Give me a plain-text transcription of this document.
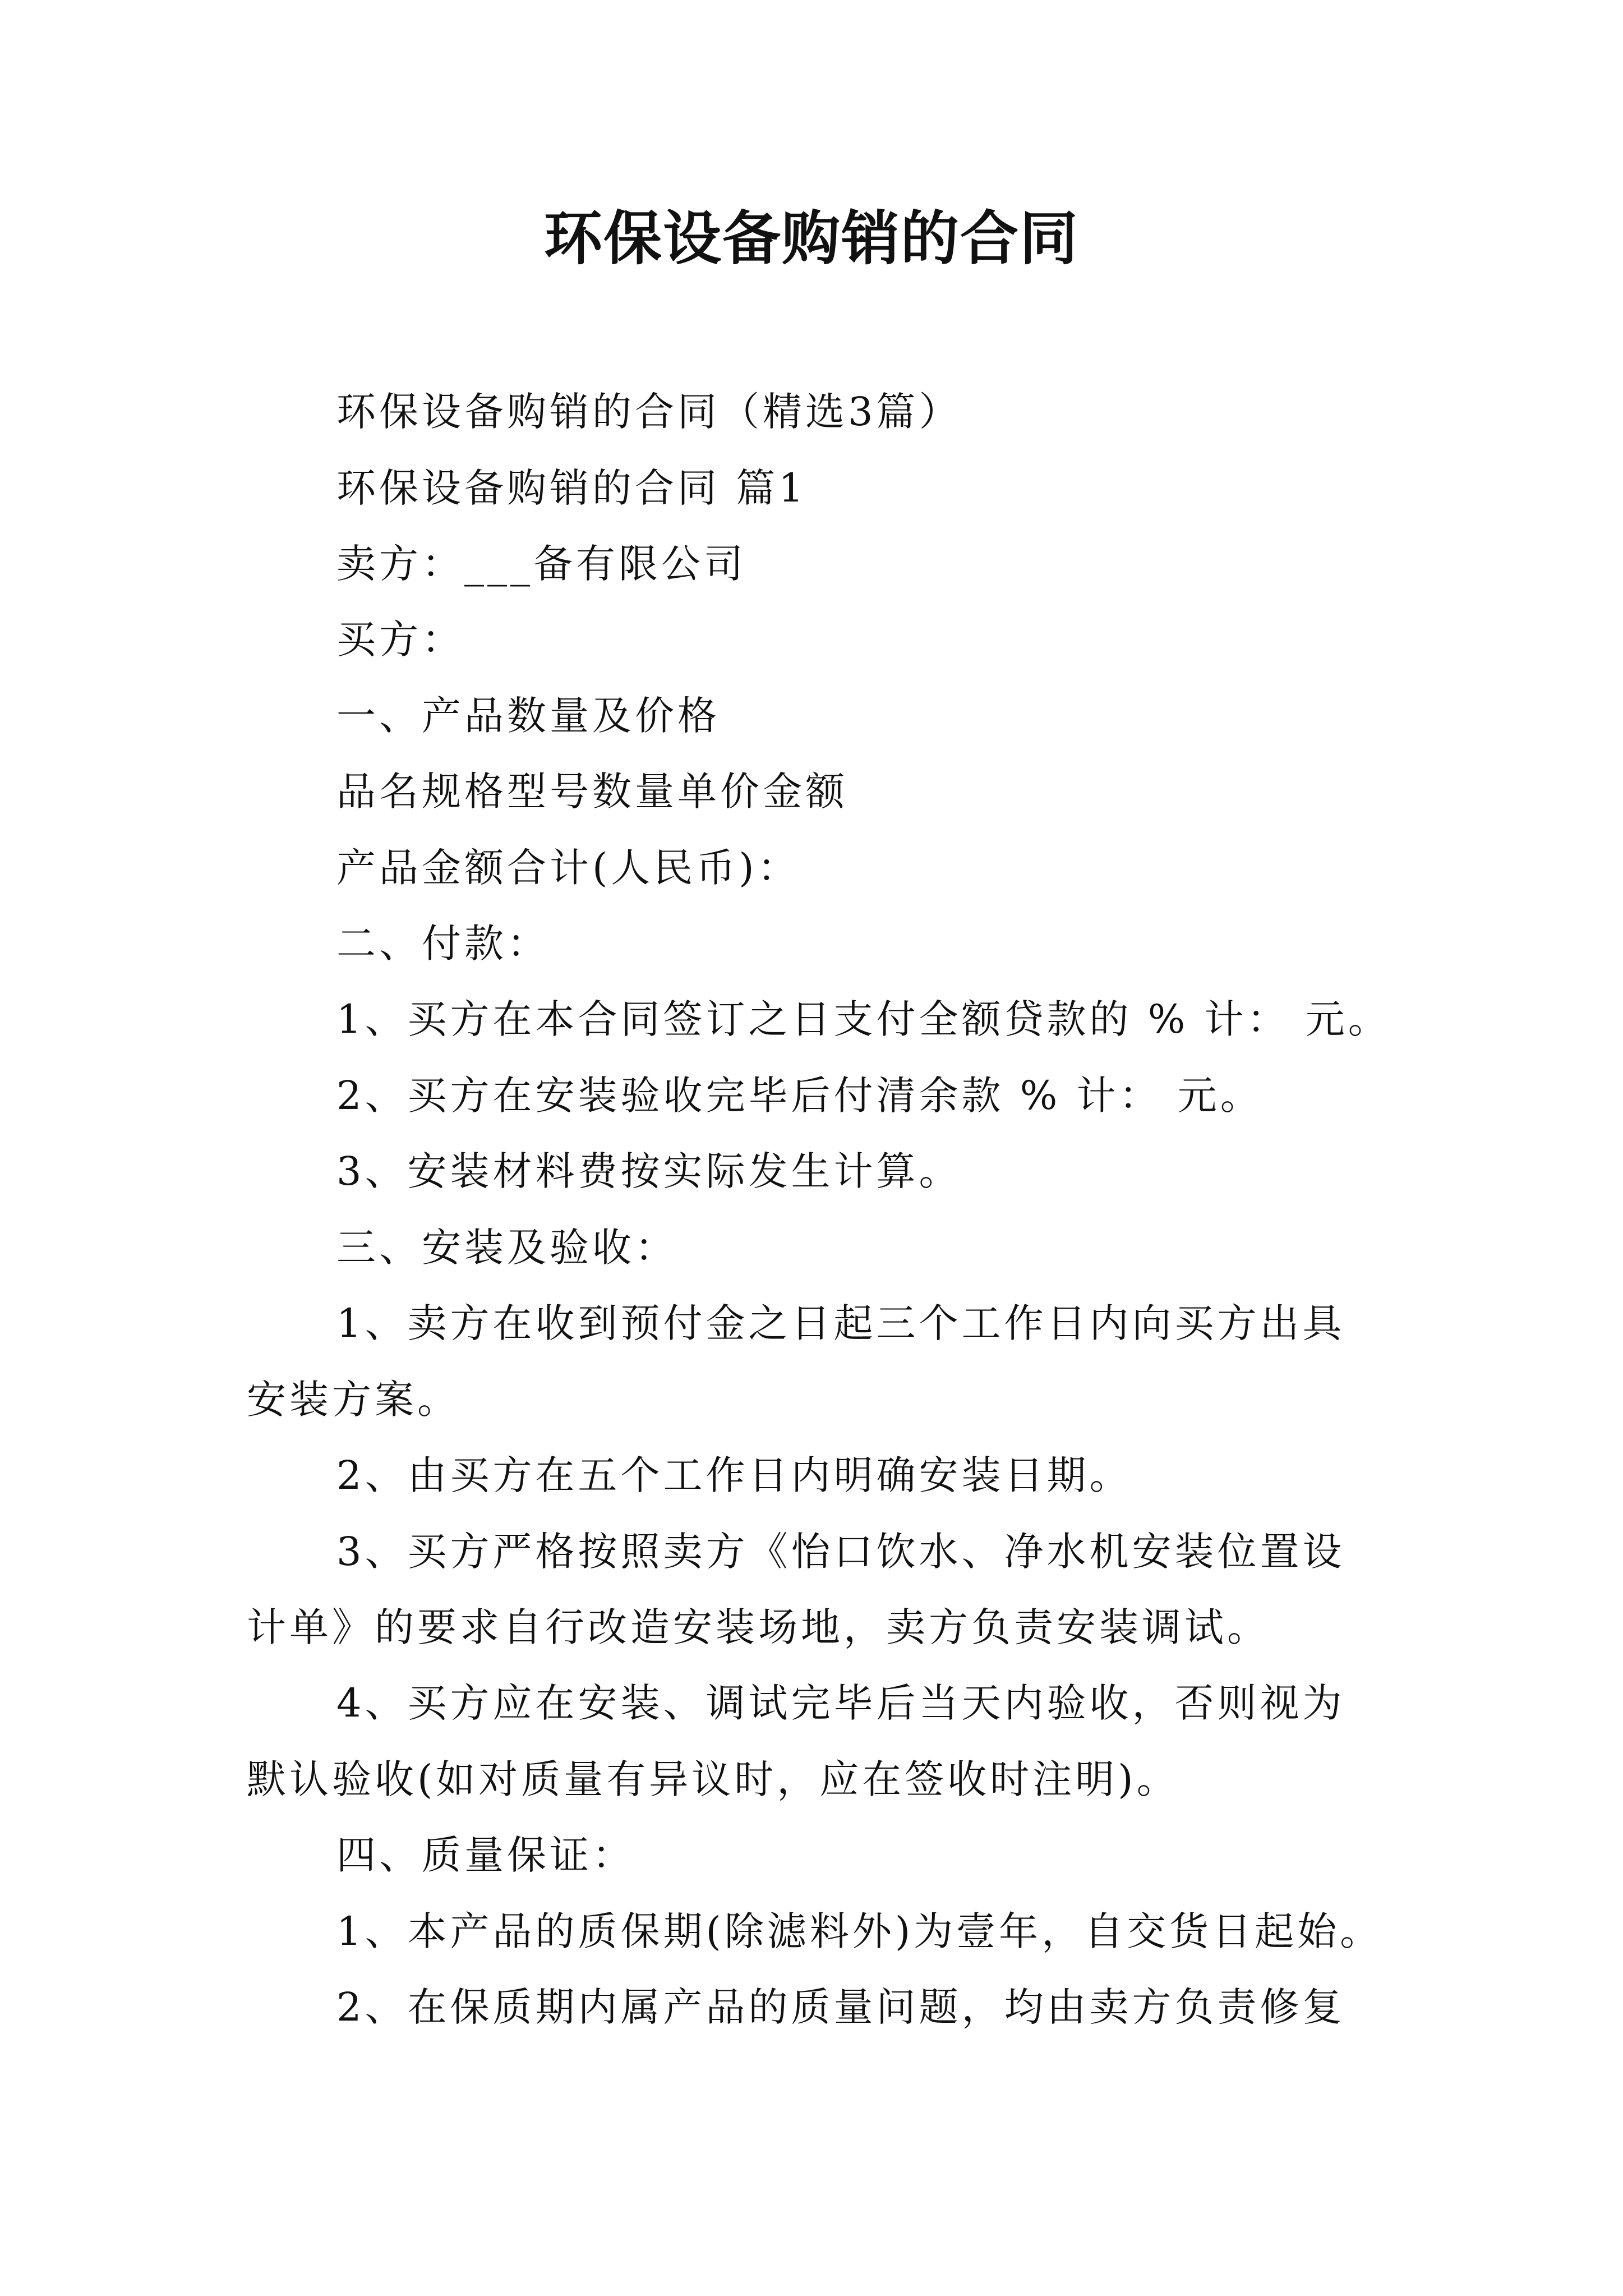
环保设备购销的合同
环保设备购销的合同（精选3篇）
环保设备购销的合同 篇1
卖方：___备有限公司
买方：
一、产品数量及价格
品名规格型号数量单价金额
产品金额合计(人民币)：
二、付款：
1、买方在本合同签订之日支付全额贷款的 % 计： 元。
2、买方在安装验收完毕后付清余款 % 计： 元。
3、安装材料费按实际发生计算。
三、安装及验收：
1、卖方在收到预付金之日起三个工作日内向买方出具
安装方案。
2、由买方在五个工作日内明确安装日期。
3、买方严格按照卖方《怡口饮水、净水机安装位置设
计单》的要求自行改造安装场地，卖方负责安装调试。
4、买方应在安装、调试完毕后当天内验收，否则视为
默认验收(如对质量有异议时，应在签收时注明)。
四、质量保证：
1、本产品的质保期(除滤料外)为壹年，自交货日起始。
2、在保质期内属产品的质量问题，均由卖方负责修复
